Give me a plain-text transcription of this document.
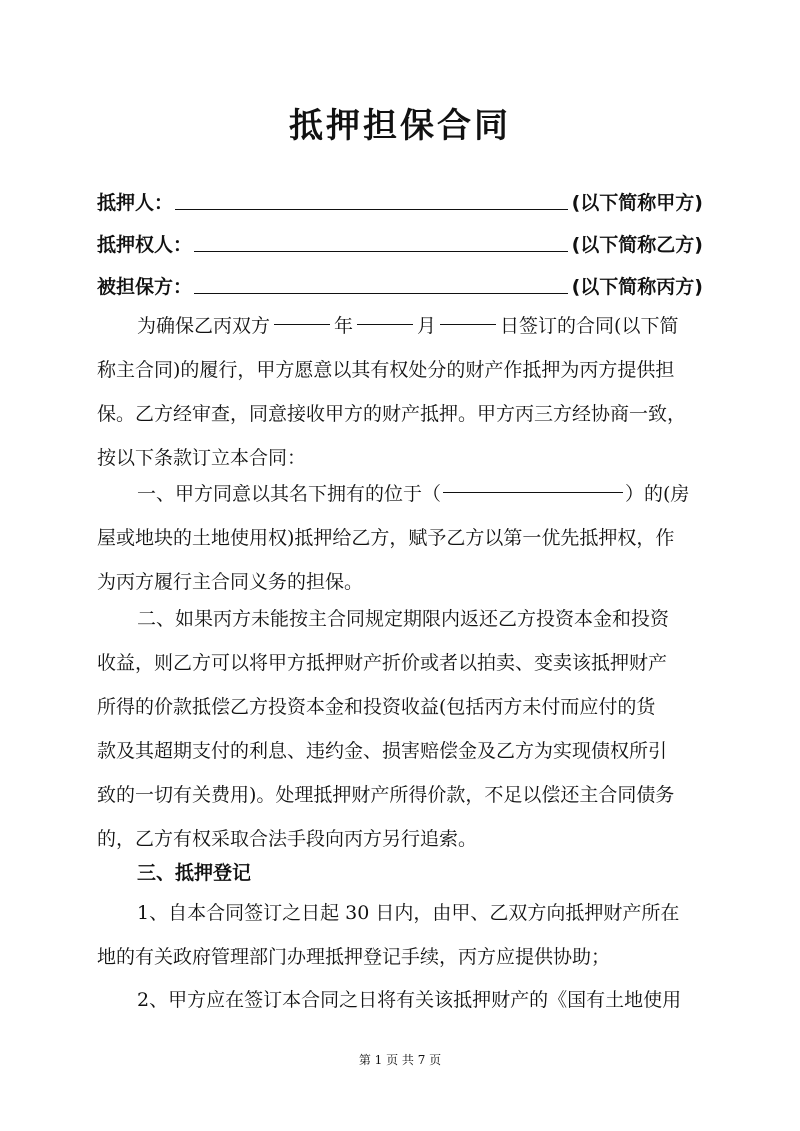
抵押担保合同
抵押人：	(以下简称甲方)
抵押权人：	(以下简称乙方)
被担保方：	(以下简称丙方)
为确保乙丙双方	年	月	日签订的合同(以下简
称主合同)的履行，甲方愿意以其有权处分的财产作抵押为丙方提供担
保。乙方经审查，同意接收甲方的财产抵押。甲方丙三方经协商一致，
按以下条款订立本合同：
一、甲方同意以其名下拥有的位于（	）的(房
屋或地块的土地使用权)抵押给乙方，赋予乙方以第一优先抵押权，作
为丙方履行主合同义务的担保。
二、如果丙方未能按主合同规定期限内返还乙方投资本金和投资
收益，则乙方可以将甲方抵押财产折价或者以拍卖、变卖该抵押财产
所得的价款抵偿乙方投资本金和投资收益(包括丙方未付而应付的货
款及其超期支付的利息、违约金、损害赔偿金及乙方为实现债权所引
致的一切有关费用)。处理抵押财产所得价款，不足以偿还主合同债务
的，乙方有权采取合法手段向丙方另行追索。
三、抵押登记
1、自本合同签订之日起 30 日内，由甲、乙双方向抵押财产所在
地的有关政府管理部门办理抵押登记手续，丙方应提供协助；
2、甲方应在签订本合同之日将有关该抵押财产的《国有土地使用
第 1 页 共 7 页
